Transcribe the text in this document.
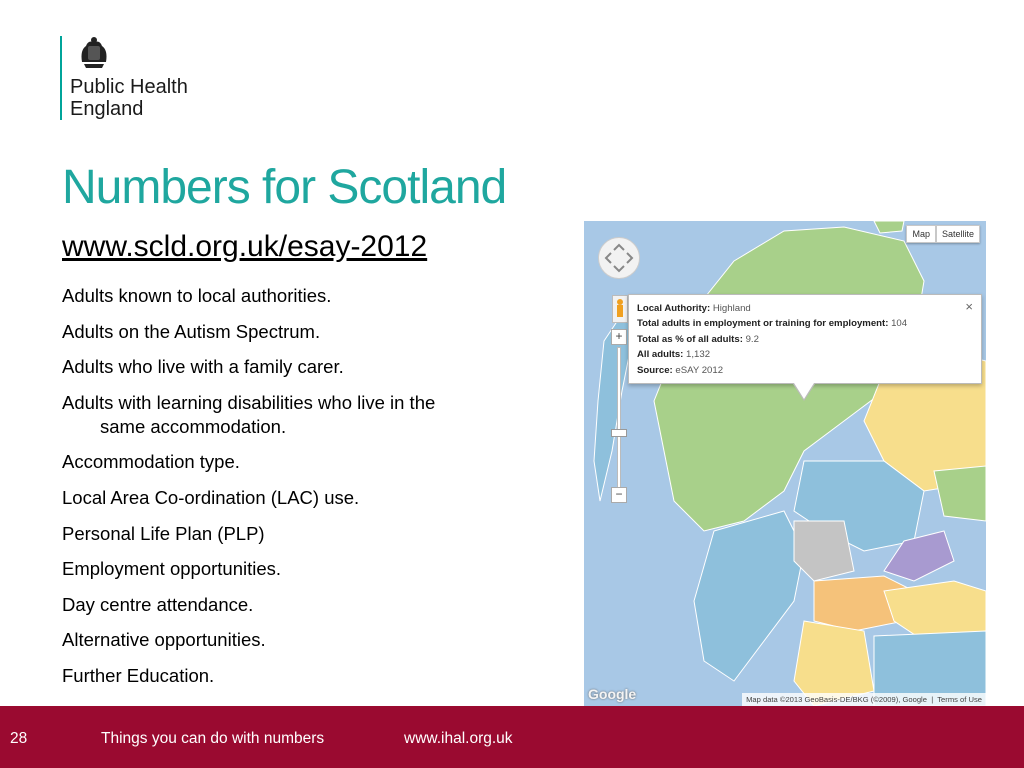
Public Health
England
Numbers for Scotland
www.scld.org.uk/esay-2012
Adults known to local authorities.
Adults on the Autism Spectrum.
Adults who live with a family carer.
Adults with learning disabilities who live in the
same accommodation.
Accommodation type.
Local Area Co-ordination (LAC) use.
Personal Life Plan (PLP)
Employment opportunities.
Day centre attendance.
Alternative opportunities.
Further Education.
Map	Satellite
+
−
Local Authority: Highland
Total adults in employment or training for employment: 104
Total as % of all adults: 9.2
All adults: 1,132
Source: eSAY 2012
×
Google	Map data ©2013 GeoBasis-DE/BKG (©2009), Google  |  Terms of Use
28	Things you can do with numbers	www.ihal.org.uk
